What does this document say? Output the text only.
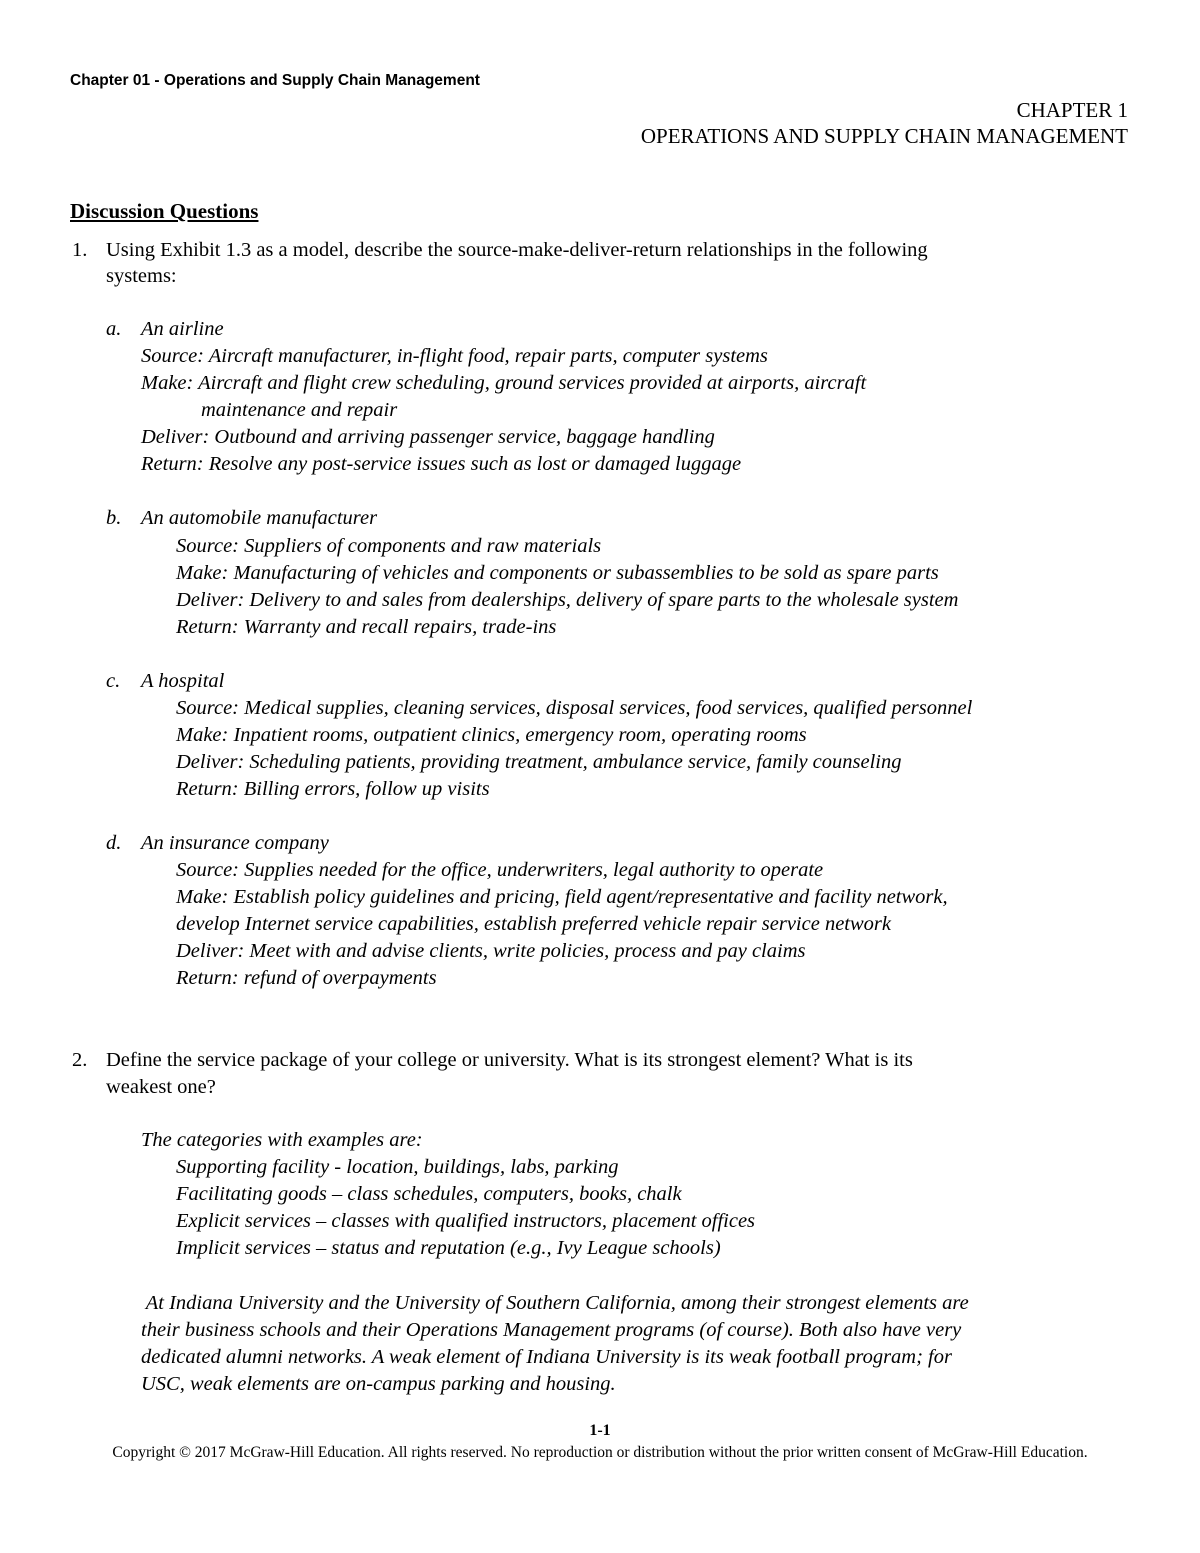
Chapter 01 - Operations and Supply Chain Management
CHAPTER 1
OPERATIONS AND SUPPLY CHAIN MANAGEMENT
Discussion Questions
1. Using Exhibit 1.3 as a model, describe the source-make-deliver-return relationships in the following
systems:
a. An airline
Source: Aircraft manufacturer, in-flight food, repair parts, computer systems
Make: Aircraft and flight crew scheduling, ground services provided at airports, aircraft
maintenance and repair
Deliver: Outbound and arriving passenger service, baggage handling
Return: Resolve any post-service issues such as lost or damaged luggage
b. An automobile manufacturer
Source: Suppliers of components and raw materials
Make: Manufacturing of vehicles and components or subassemblies to be sold as spare parts
Deliver: Delivery to and sales from dealerships, delivery of spare parts to the wholesale system
Return: Warranty and recall repairs, trade-ins
c. A hospital
Source: Medical supplies, cleaning services, disposal services, food services, qualified personnel
Make: Inpatient rooms, outpatient clinics, emergency room, operating rooms
Deliver: Scheduling patients, providing treatment, ambulance service, family counseling
Return: Billing errors, follow up visits
d. An insurance company
Source: Supplies needed for the office, underwriters, legal authority to operate
Make: Establish policy guidelines and pricing, field agent/representative and facility network,
develop Internet service capabilities, establish preferred vehicle repair service network
Deliver: Meet with and advise clients, write policies, process and pay claims
Return: refund of overpayments
2. Define the service package of your college or university. What is its strongest element? What is its
weakest one?
The categories with examples are:
Supporting facility - location, buildings, labs, parking
Facilitating goods – class schedules, computers, books, chalk
Explicit services – classes with qualified instructors, placement offices
Implicit services – status and reputation (e.g., Ivy League schools)
At Indiana University and the University of Southern California, among their strongest elements are
their business schools and their Operations Management programs (of course). Both also have very
dedicated alumni networks. A weak element of Indiana University is its weak football program; for
USC, weak elements are on-campus parking and housing.
1-1
Copyright © 2017 McGraw-Hill Education. All rights reserved. No reproduction or distribution without the prior written consent of McGraw-Hill Education.
